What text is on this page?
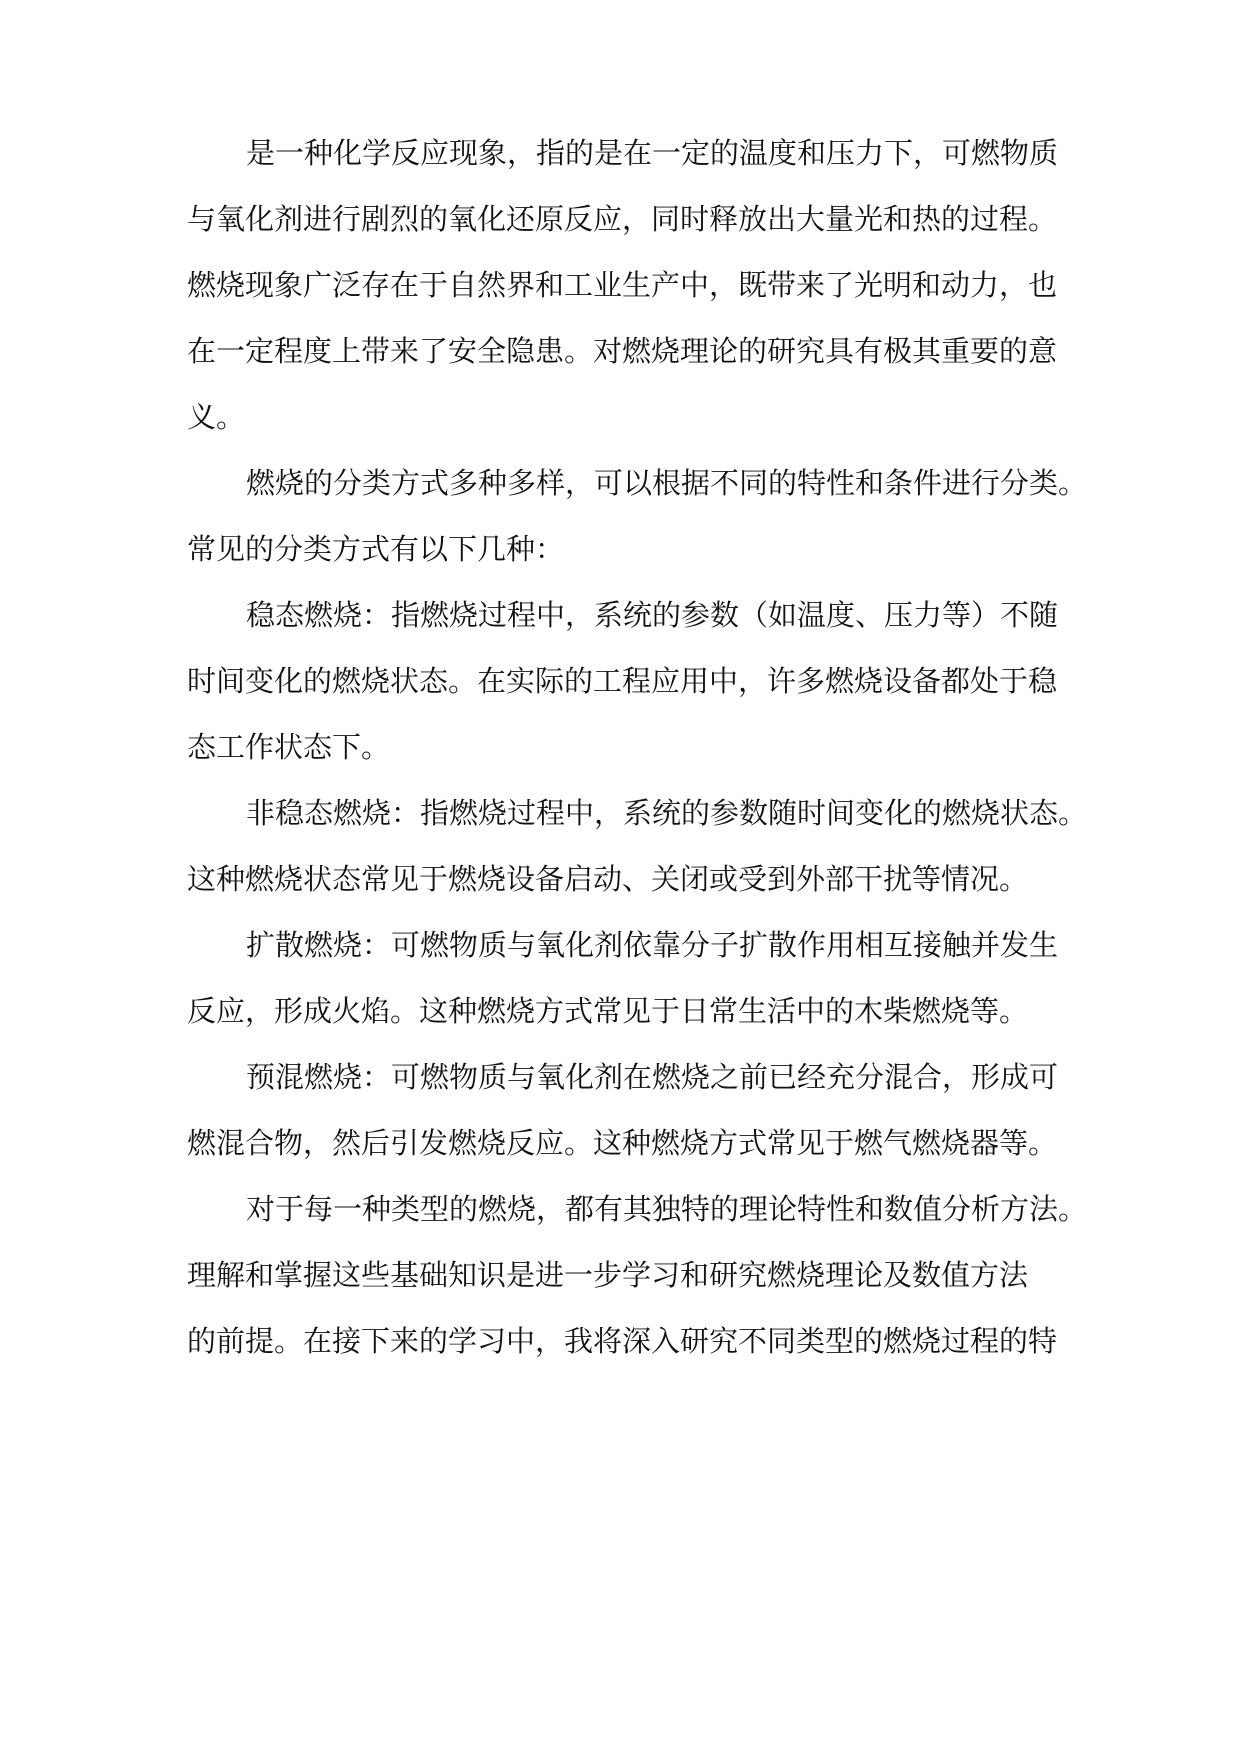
是一种化学反应现象，指的是在一定的温度和压力下，可燃物质
与氧化剂进行剧烈的氧化还原反应，同时释放出大量光和热的过程。
燃烧现象广泛存在于自然界和工业生产中，既带来了光明和动力，也
在一定程度上带来了安全隐患。对燃烧理论的研究具有极其重要的意
义。
燃烧的分类方式多种多样，可以根据不同的特性和条件进行分类。
常见的分类方式有以下几种：
稳态燃烧：指燃烧过程中，系统的参数（如温度、压力等）不随
时间变化的燃烧状态。在实际的工程应用中，许多燃烧设备都处于稳
态工作状态下。
非稳态燃烧：指燃烧过程中，系统的参数随时间变化的燃烧状态。
这种燃烧状态常见于燃烧设备启动、关闭或受到外部干扰等情况。
扩散燃烧：可燃物质与氧化剂依靠分子扩散作用相互接触并发生
反应，形成火焰。这种燃烧方式常见于日常生活中的木柴燃烧等。
预混燃烧：可燃物质与氧化剂在燃烧之前已经充分混合，形成可
燃混合物，然后引发燃烧反应。这种燃烧方式常见于燃气燃烧器等。
对于每一种类型的燃烧，都有其独特的理论特性和数值分析方法。
理解和掌握这些基础知识是进一步学习和研究燃烧理论及数值方法
的前提。在接下来的学习中，我将深入研究不同类型的燃烧过程的特
